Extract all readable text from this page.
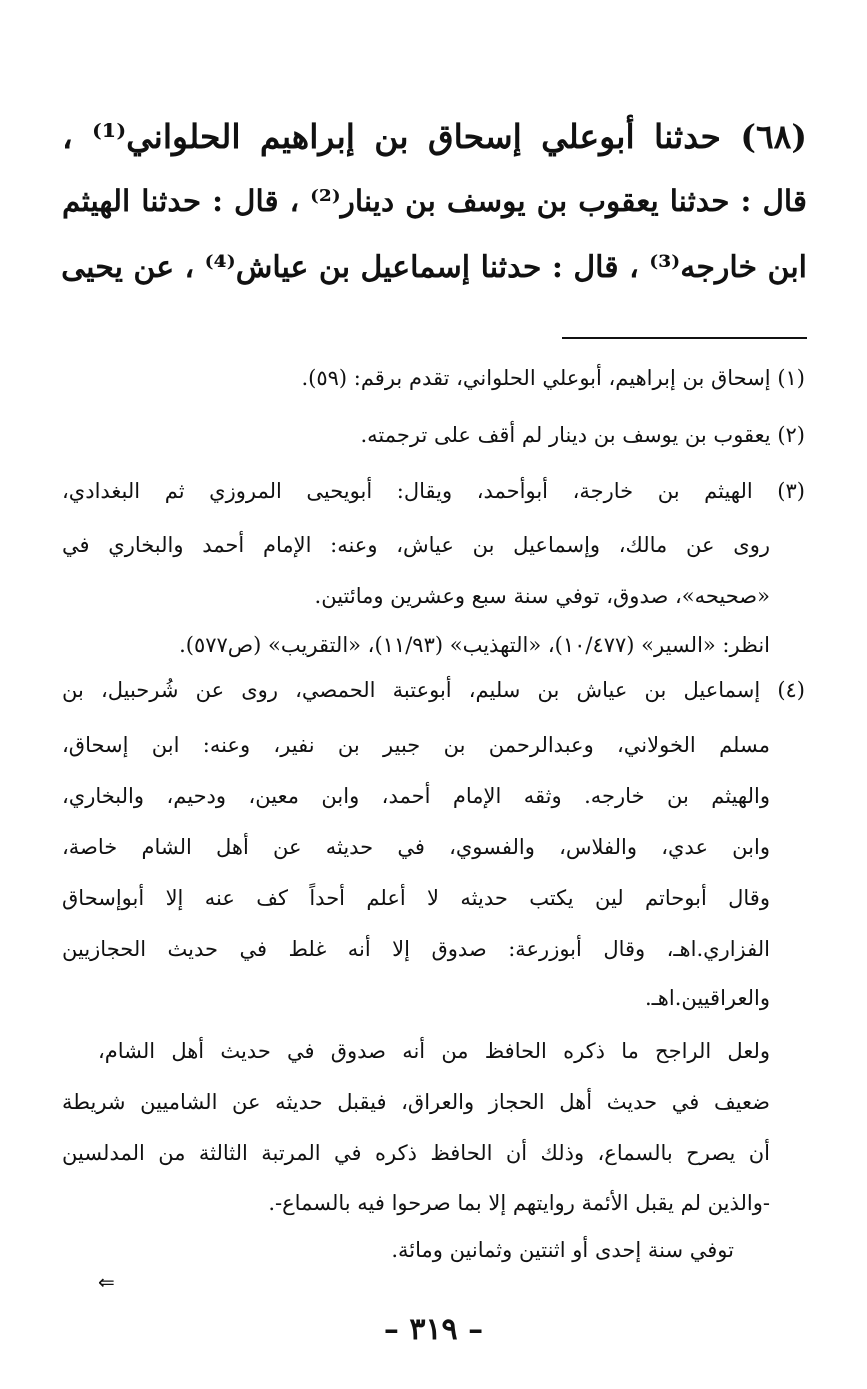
(٦٨) حدثنا أبوعلي إسحاق بن إبراهيم الحلواني⁽¹⁾ ،
قال : حدثنا يعقوب بن يوسف بن دينار⁽²⁾ ، قال : حدثنا الهيثم
ابن خارجه⁽³⁾ ، قال : حدثنا إسماعيل بن عياش⁽⁴⁾ ، عن يحيى
(١) إسحاق بن إبراهيم، أبوعلي الحلواني، تقدم برقم: (٥٩).
(٢) يعقوب بن يوسف بن دينار لم أقف على ترجمته.
(٣) الهيثم بن خارجة، أبوأحمد، ويقال: أبويحيى المروزي ثم البغدادي،
روى عن مالك، وإسماعيل بن عياش، وعنه: الإمام أحمد والبخاري في
«صحيحه»، صدوق، توفي سنة سبع وعشرين ومائتين.
انظر: «السير» (١٠/٤٧٧)، «التهذيب» (١١/٩٣)، «التقريب» (ص٥٧٧).
(٤) إسماعيل بن عياش بن سليم، أبوعتبة الحمصي، روى عن شُرحبيل، بن
مسلم الخولاني، وعبدالرحمن بن جبير بن نفير، وعنه: ابن إسحاق،
والهيثم بن خارجه. وثقه الإمام أحمد، وابن معين، ودحيم، والبخاري،
وابن عدي، والفلاس، والفسوي، في حديثه عن أهل الشام خاصة،
وقال أبوحاتم لين يكتب حديثه لا أعلم أحداً كف عنه إلا أبوإسحاق
الفزاري.اهـ، وقال أبوزرعة: صدوق إلا أنه غلط في حديث الحجازيين
والعراقيين.اهـ.
ولعل الراجح ما ذكره الحافظ من أنه صدوق في حديث أهل الشام،
ضعيف في حديث أهل الحجاز والعراق، فيقبل حديثه عن الشاميين شريطة
أن يصرح بالسماع، وذلك أن الحافظ ذكره في المرتبة الثالثة من المدلسين
-والذين لم يقبل الأئمة روايتهم إلا بما صرحوا فيه بالسماع-.
توفي سنة إحدى أو اثنتين وثمانين ومائة.
⇐
– ٣١٩ –
